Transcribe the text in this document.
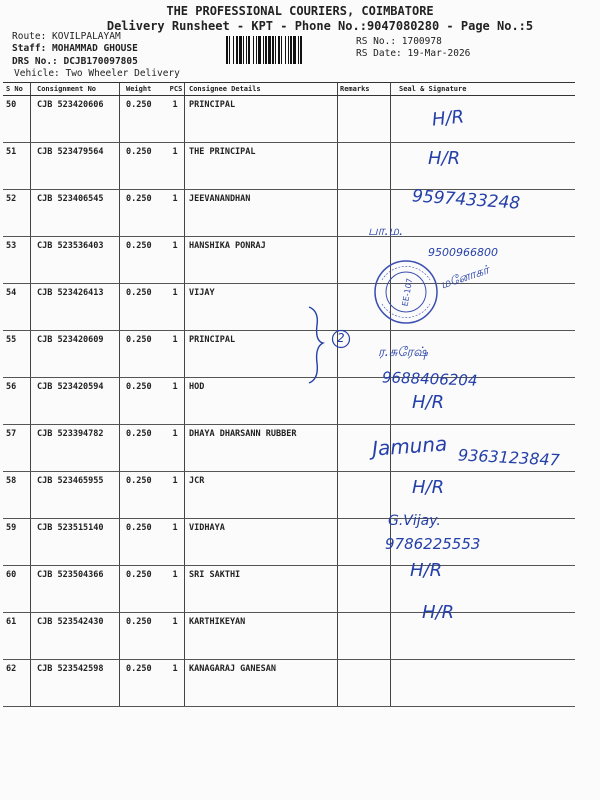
THE PROFESSIONAL COURIERS, COIMBATORE
Delivery Runsheet - KPT - Phone No.:9047080280 - Page No.:5
Route: KOVILPALAYAM
Staff: MOHAMMAD GHOUSE
DRS No.: DCJB170097805
Vehicle: Two Wheeler Delivery
RS No.: 1700978
RS Date: 19-Mar-2026
S No	Consignment No	Weight	PCS	Consignee Details	Remarks	Seal & Signature
50	CJB 523420606	0.250	1	PRINCIPAL		
51	CJB 523479564	0.250	1	THE PRINCIPAL		
52	CJB 523406545	0.250	1	JEEVANANDHAN		
53	CJB 523536403	0.250	1	HANSHIKA PONRAJ		
54	CJB 523426413	0.250	1	VIJAY		
55	CJB 523420609	0.250	1	PRINCIPAL		
56	CJB 523420594	0.250	1	HOD		
57	CJB 523394782	0.250	1	DHAYA DHARSANN RUBBER		
58	CJB 523465955	0.250	1	JCR		
59	CJB 523515140	0.250	1	VIDHAYA		
60	CJB 523504366	0.250	1	SRI SAKTHI		
61	CJB 523542430	0.250	1	KARTHIKEYAN		
62	CJB 523542598	0.250	1	KANAGARAJ GANESAN		
EE-107
2
H/R
H/R
9597433248
பா.ம.
9500966800
மனோகர்
ர.சுரேஷ்
9688406204
H/R
Jamuna 9363123847
H/R
G.Vijay.
9786225553
H/R
H/R
